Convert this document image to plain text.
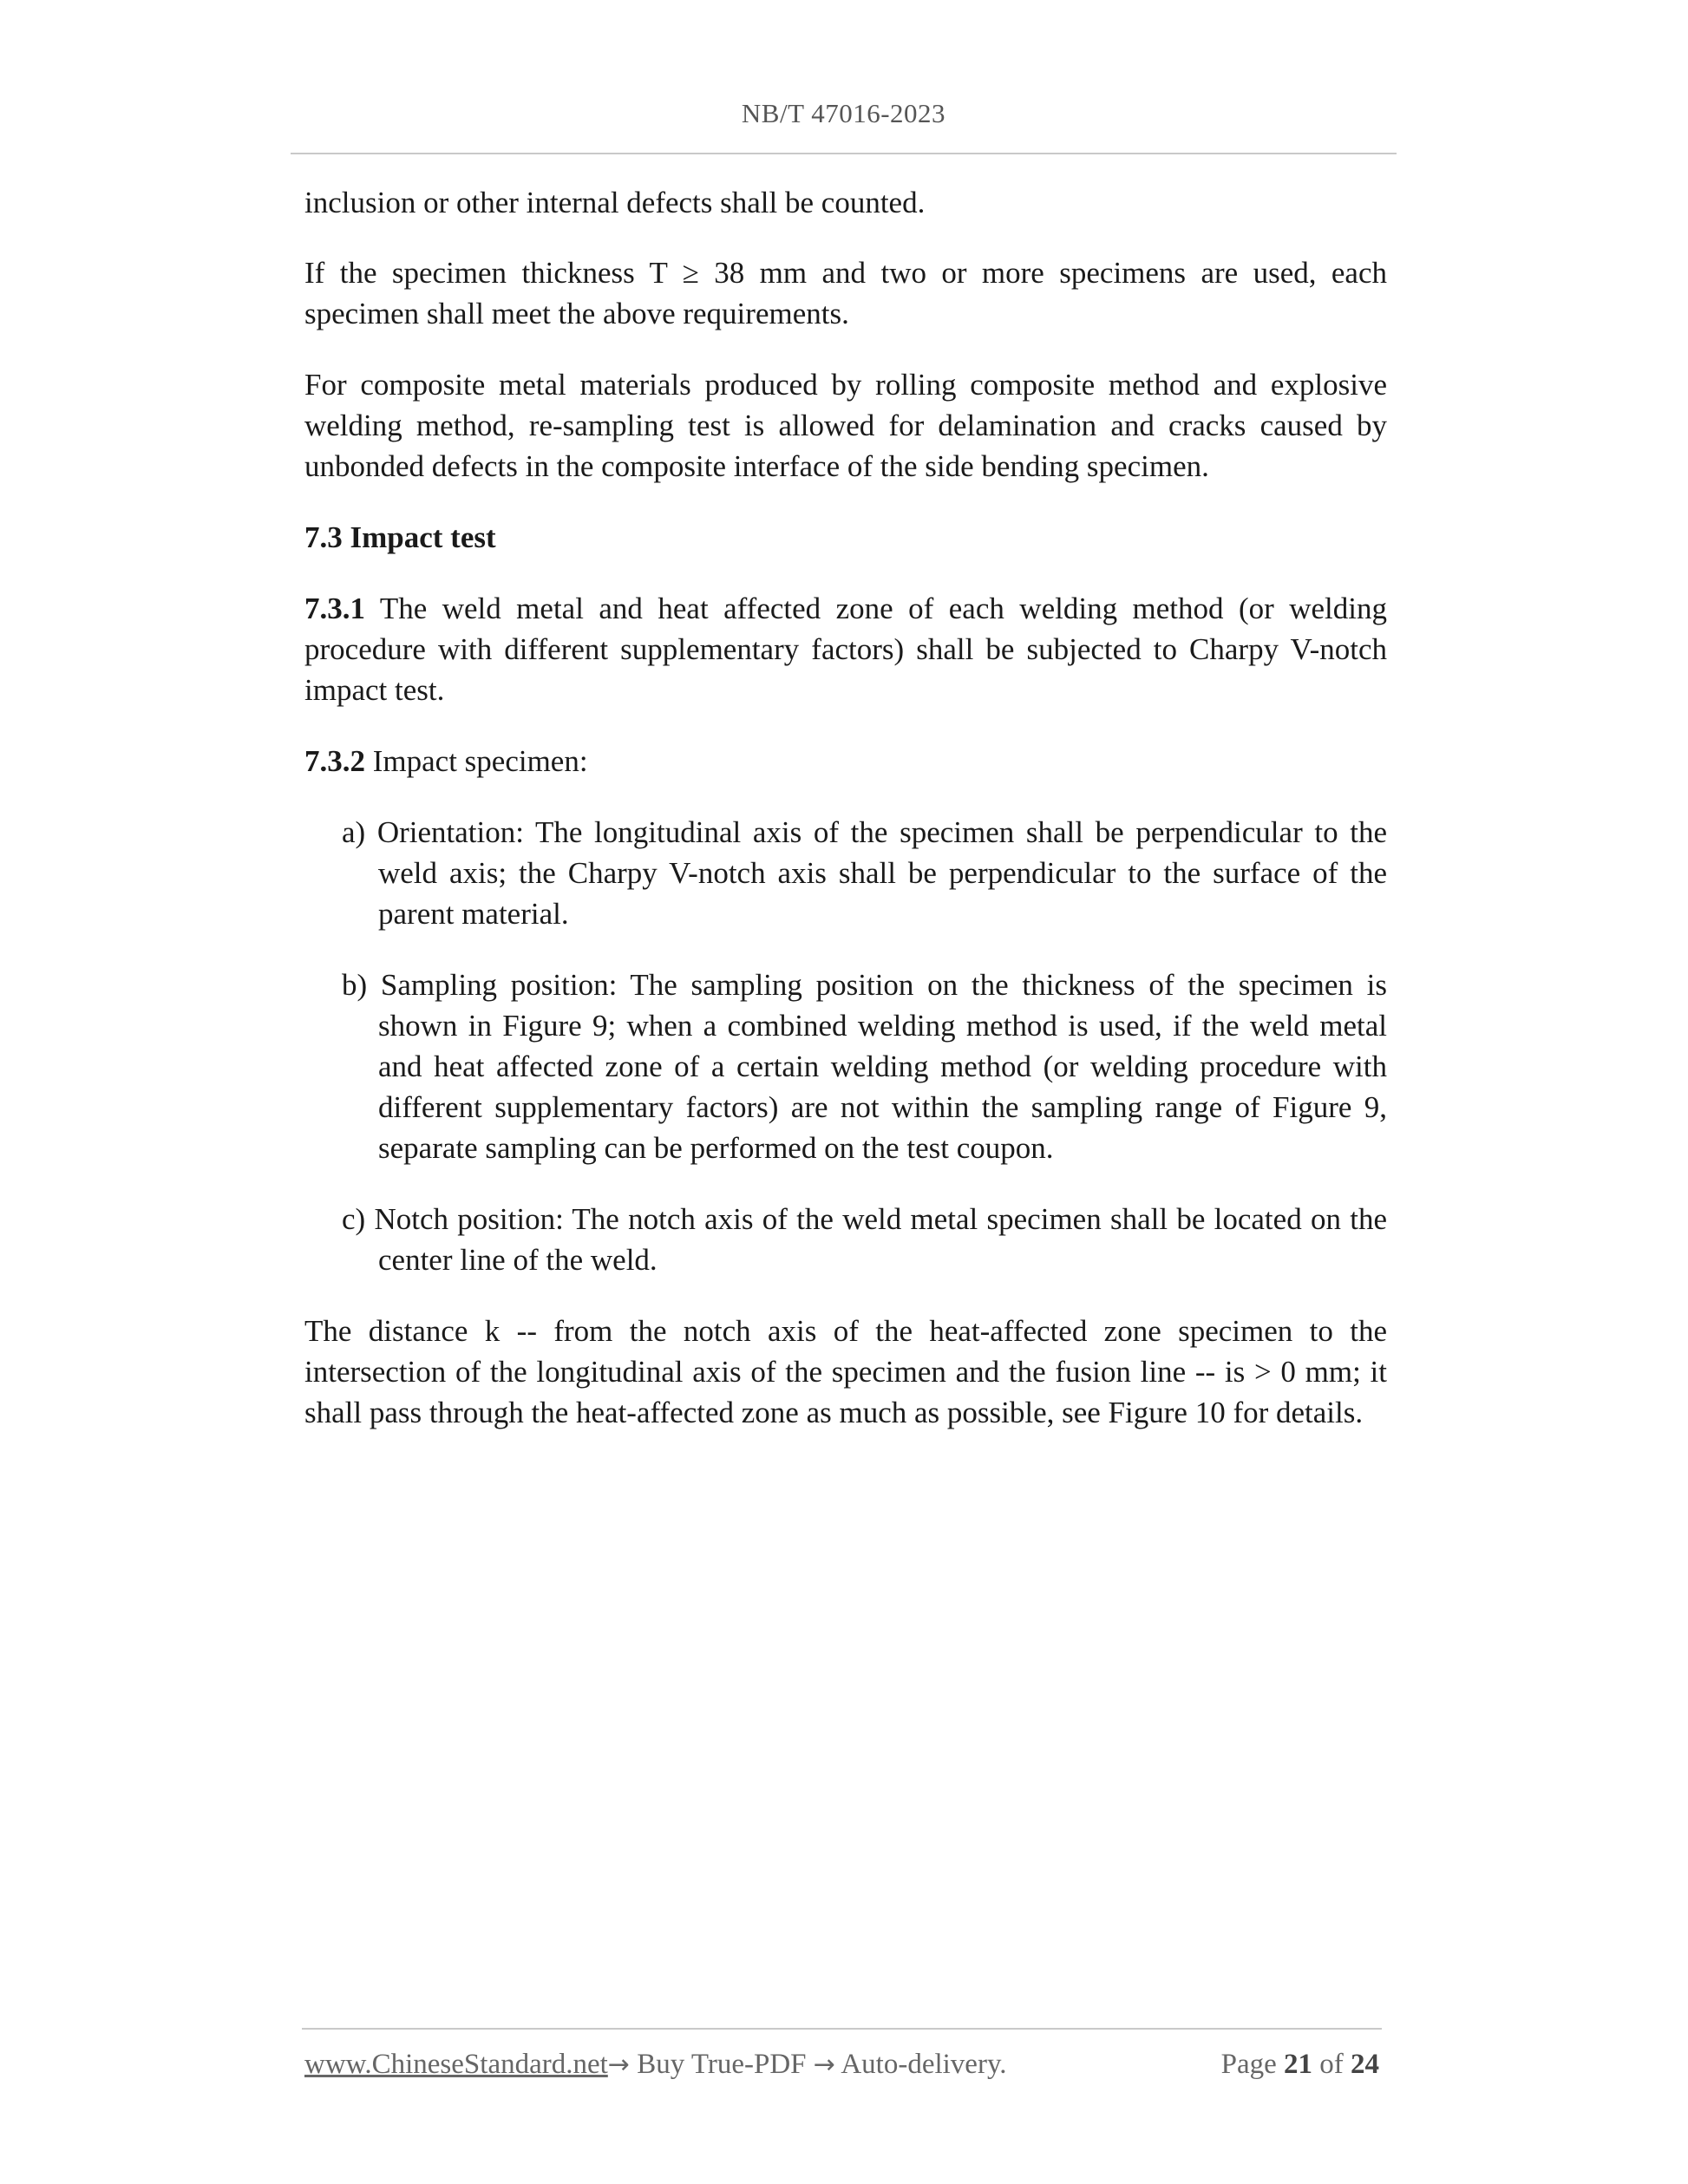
NB/T 47016-2023

inclusion or other internal defects shall be counted.

If the specimen thickness T ≥ 38 mm and two or more specimens are used, each specimen shall meet the above requirements.

For composite metal materials produced by rolling composite method and explosive welding method, re-sampling test is allowed for delamination and cracks caused by unbonded defects in the composite interface of the side bending specimen.

7.3 Impact test

7.3.1 The weld metal and heat affected zone of each welding method (or welding procedure with different supplementary factors) shall be subjected to Charpy V-notch impact test.

7.3.2 Impact specimen:

a) Orientation: The longitudinal axis of the specimen shall be perpendicular to the weld axis; the Charpy V-notch axis shall be perpendicular to the surface of the parent material.
b) Sampling position: The sampling position on the thickness of the specimen is shown in Figure 9; when a combined welding method is used, if the weld metal and heat affected zone of a certain welding method (or welding procedure with different supplementary factors) are not within the sampling range of Figure 9, separate sampling can be performed on the test coupon.
c) Notch position: The notch axis of the weld metal specimen shall be located on the center line of the weld.

The distance k -- from the notch axis of the heat-affected zone specimen to the intersection of the longitudinal axis of the specimen and the fusion line -- is > 0 mm; it shall pass through the heat-affected zone as much as possible, see Figure 10 for details.

www.ChineseStandard.net→ Buy True-PDF → Auto-delivery.	Page 21 of 24
